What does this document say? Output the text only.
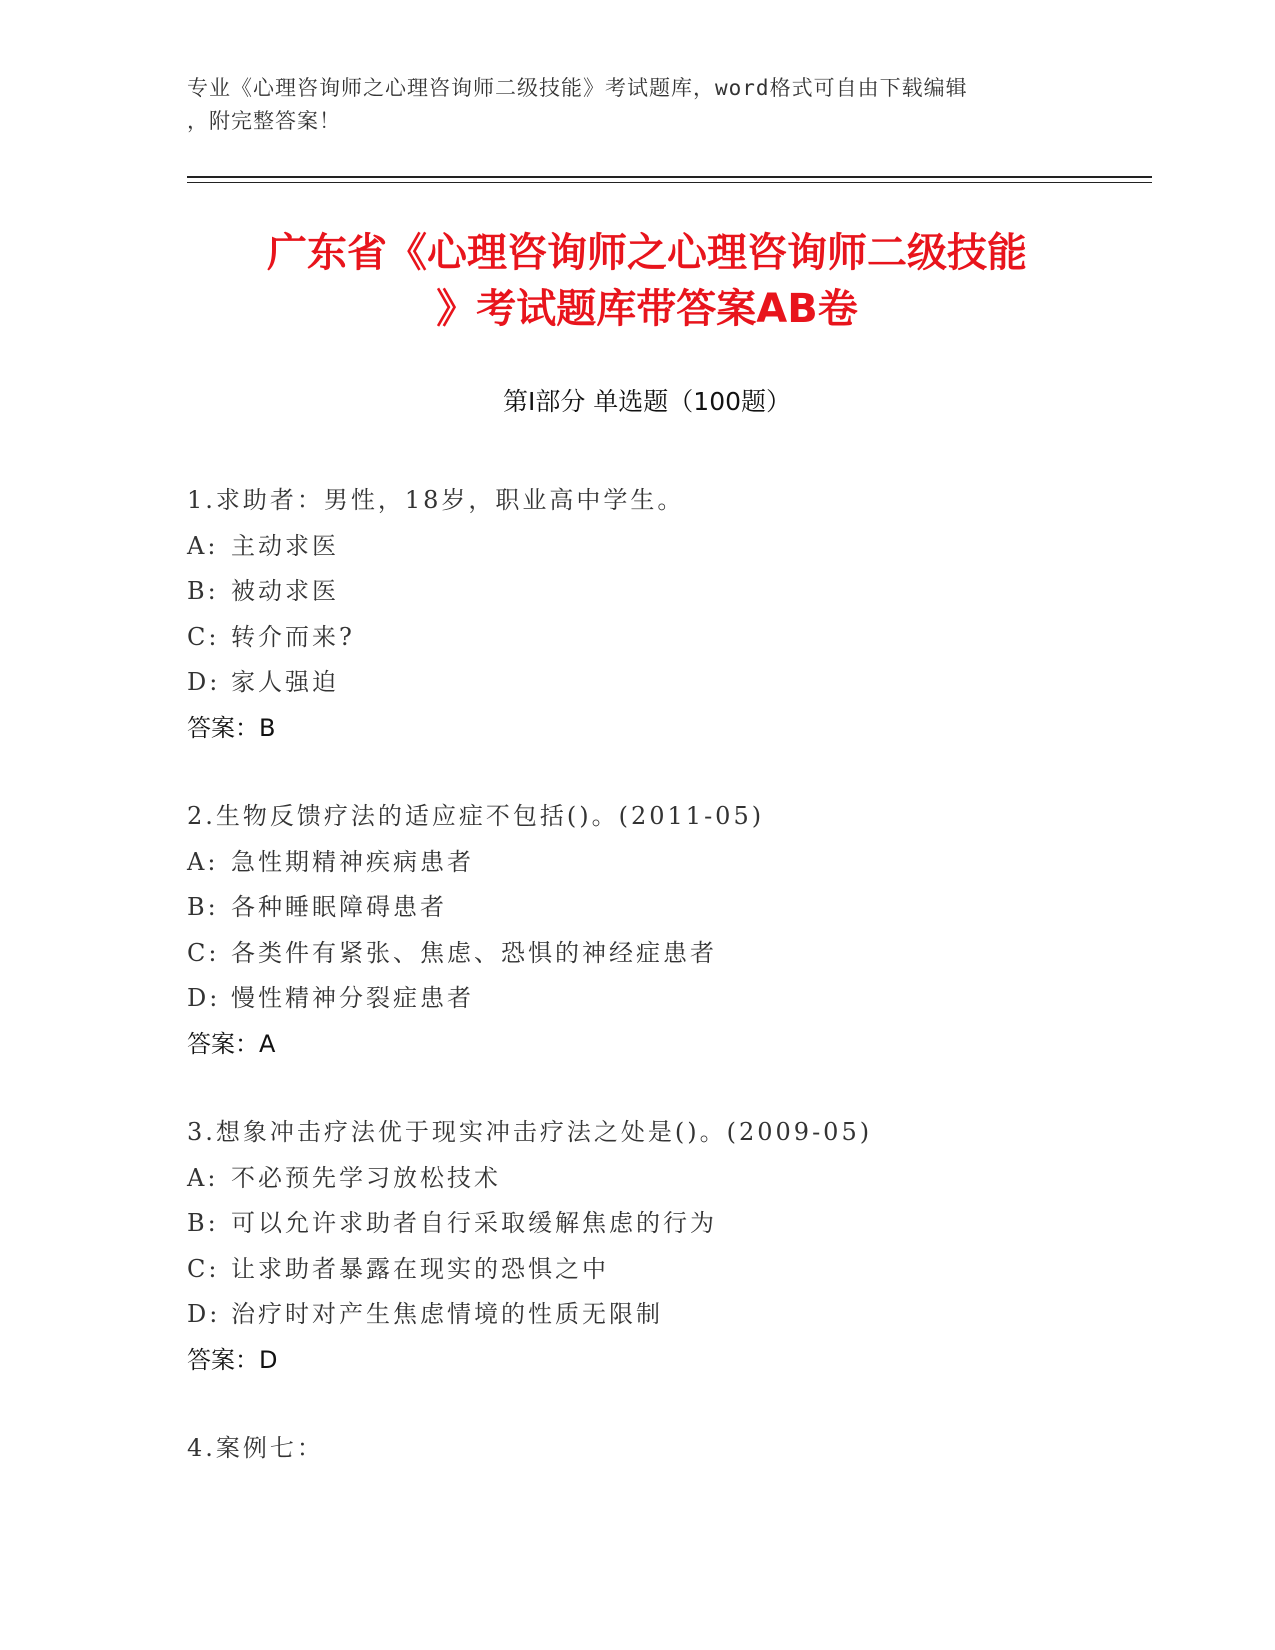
专业《心理咨询师之心理咨询师二级技能》考试题库，word格式可自由下载编辑
，附完整答案！
广东省《心理咨询师之心理咨询师二级技能
》考试题库带答案AB卷
第Ⅰ部分 单选题（100题）
1.求助者：男性，18岁，职业高中学生。
A: 主动求医
B: 被动求医
C: 转介而来?
D: 家人强迫
答案：B
2.生物反馈疗法的适应症不包括()。(2011-05)
A: 急性期精神疾病患者
B: 各种睡眠障碍患者
C: 各类件有紧张、焦虑、恐惧的神经症患者
D: 慢性精神分裂症患者
答案：A
3.想象冲击疗法优于现实冲击疗法之处是()。(2009-05)
A: 不必预先学习放松技术
B: 可以允许求助者自行采取缓解焦虑的行为
C: 让求助者暴露在现实的恐惧之中
D: 治疗时对产生焦虑情境的性质无限制
答案：D
4.案例七：
